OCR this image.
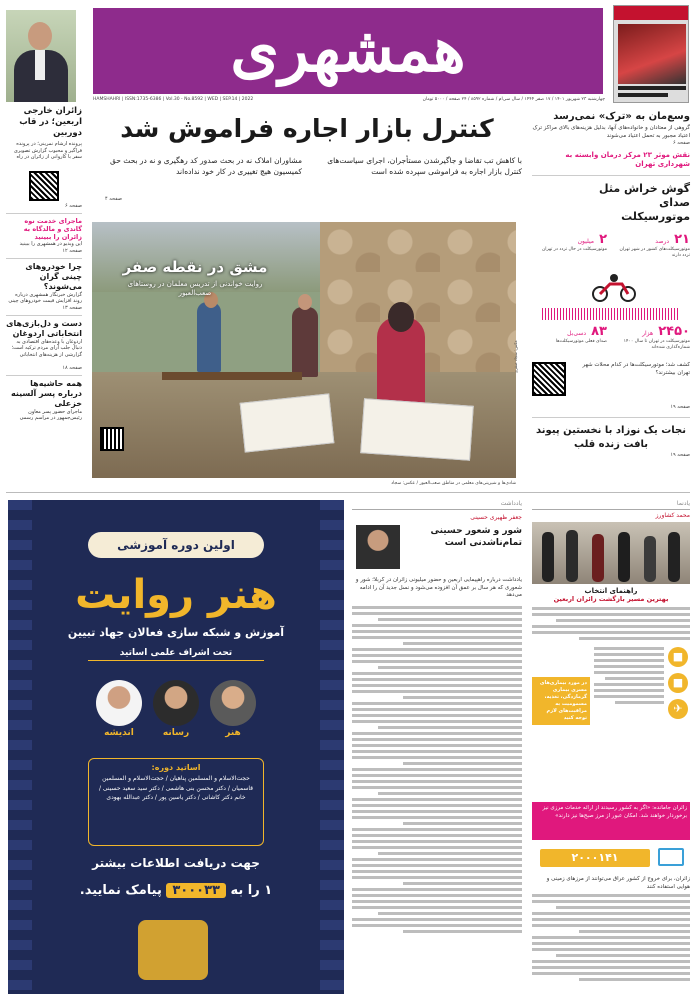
همشهری
چهارشنبه ۲۳ شهریور ۱۴۰۱ / ۱۷ صفر ۱۴۴۴ / سال سی‌ام / شماره ۸۵۹۲ / ۲۴ صفحه / ۵۰۰۰ تومان
HAMSHAHRI | ISSN:1735-6386 | Vol.30 - No.8592 | WED | SEP.14 | 2022
زائران خارجی اربعین؛ در قاب دوربین
پرونده آرشام نمرینی؛ در پرونده فراگیر و محبوب گزارش تصویری سفر با کاروانی از زائران در راه
صفحه ۶
ماجرای خدمت نوه گاندی و مالدگاه به زائران را ببینید
این ویدیو در همشهری را ببینید
صفحه ۱۲
چرا خودروهای چینی گران می‌شوند؟
گزارش خبرنگار همشهری درباره روند افزایش قیمت خودروهای چینی
صفحه ۱۳
دست و دل‌بازی‌های انتخاباتی اردوغان
اردوغان با وعده‌های اقتصادی به دنبال جلب آرای مردم ترکیه است؛ گزارشی از هزینه‌های انتخاباتی
صفحه ۱۸
همه حاشیه‌ها درباره پسر آلسینه خزعلی
ماجرای حضور پسر معاون رئیس‌جمهور در مراسم رسمی
کنترل بازار اجاره فراموش شد
با کاهش تب تقاضا و جاگیرشدن مستأجران، اجرای سیاست‌های کنترل بازار اجاره به فراموشی سپرده شده است
مشاوران املاک نه در بحث صدور کد رهگیری و نه در بحث حق کمیسیون هیچ تغییری در کار خود نداده‌اند
صفحه ۴
مشق در نقطه صفر
روایت خواندنی از تدریس معلمان در روستاهای صعب‌العبور
شادی‌ها و شیرینی‌های معلمی در مناطق صعب‌العبور / عکس: سجاد
عکس: سجاد صفری
وسع‌مان به «ترک» نمی‌رسد
گروهی از معتادان و خانواده‌های آنها، بدلیل هزینه‌های بالای مراکز ترک اعتیاد مجبور به تحمل اعتیاد می‌شوند
صفحه ۶
نقش موثر ۲۳ مرکز درمان وابسته به شهرداری تهران
گوش خراش مثل صدای موتورسیکلت
۲۱ درصد
موتورسیکلت‌های کشور در شهر تهران تردد دارند
۲ میلیون
موتورسیکلت در حال تردد در تهران
۲۴۵۰ هزار
موتورسیکلت در تهران تا سال ۱۴۰۰ شماره‌گذاری شده‌اند
۸۳ دسی‌بل
صدای فعلی موتورسیکلت‌ها
کشف شد؛ موتورسیکلت‌ها در کدام محلات شهر تهران بیشترند؟
صفحه ۱۹
نجات یک نوزاد با نخستین پیوند بافت زنده قلب
صفحه ۱۹
اولین دوره آموزشی
هنر روایت
آموزش و شبکه سازی فعالان جهاد تبیین
تحت اشراف علمی اساتید
رسانه
اندیشه	هنر
اساتید دوره:
حجت‌الاسلام و المسلمین پناهیان / حجت‌الاسلام و المسلمین قاسمیان / دکتر محسن بنی هاشمی / دکتر سید سعید حسینی / خانم دکتر کاشانی / دکتر یاسین پور / دکتر عبدالله بهودی
جهت دریافت اطلاعات بیشتر
۱ را به ۳۰۰۰۳۳ پیامک نمایید.
یادداشت
جعفر ظهیری حسینی
شور و شعور حسینی تمام‌ناشدنی است
یادداشت درباره راهپیمایی اربعین و حضور میلیونی زائران در کربلا؛ شور و شعوری که هر سال بر عمق آن افزوده می‌شود و نسل جدید آن را ادامه می‌دهد
یادنما
محمد کشاورز
راهنمای انتخاب
بهترین مسیر بازگشت زائران اربعین
■
■
✈
در مورد بیماری‌های مسری بیماری گرمازدگی، تغذیه، مسمومیت به مراقبت‌های لازم توجه کنید
زائران جامانده: «اگر به کشور رسیدند از ارائه خدمات مرزی نیز برخوردار خواهند شد. امکان عبور از مرز صبح‌ها نیز دارند»
۲۰۰۰۱۴۱
زائران، برای خروج از کشور عراق می‌توانند از مرزهای زمینی و هوایی استفاده کنند
